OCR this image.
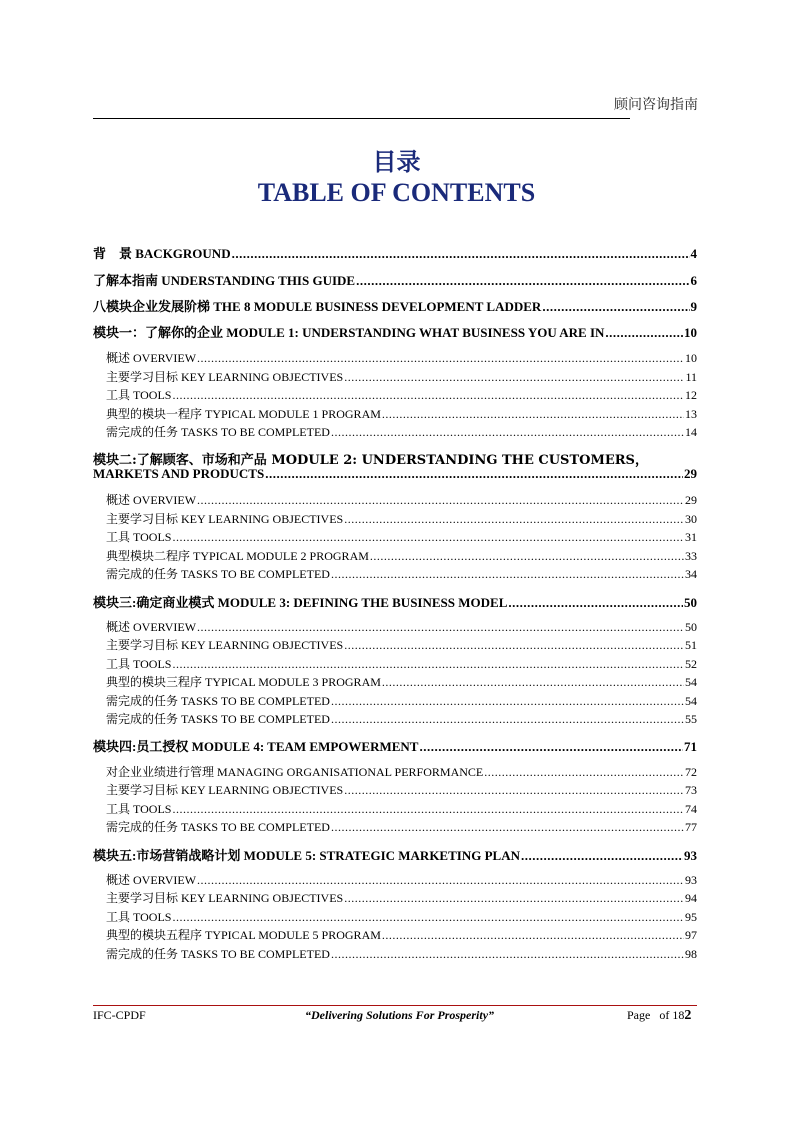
顾问咨询指南
目录
TABLE OF CONTENTS
背　景 BACKGROUND .....	4
了解本指南 UNDERSTANDING THIS GUIDE .....	6
八模块企业发展阶梯 THE 8 MODULE BUSINESS DEVELOPMENT LADDER .....	9
模块一：了解你的企业 MODULE 1: UNDERSTANDING WHAT BUSINESS YOU ARE IN .....	10
概述 OVERVIEW .....	10
主要学习目标 KEY LEARNING OBJECTIVES .....	11
工具 TOOLS .....	12
典型的模块一程序 TYPICAL MODULE 1 PROGRAM .....	13
需完成的任务 TASKS TO BE COMPLETED .....	14
模块二:了解顾客、市场和产品 MODULE 2: UNDERSTANDING THE CUSTOMERS，
MARKETS AND PRODUCTS .....	29
概述 OVERVIEW .....	29
主要学习目标 KEY LEARNING OBJECTIVES .....	30
工具 TOOLS .....	31
典型模块二程序 TYPICAL MODULE 2 PROGRAM .....	33
需完成的任务 TASKS TO BE COMPLETED .....	34
模块三:确定商业模式 MODULE 3: DEFINING THE BUSINESS MODEL .....	50
概述 OVERVIEW .....	50
主要学习目标 KEY LEARNING OBJECTIVES .....	51
工具 TOOLS .....	52
典型的模块三程序 TYPICAL MODULE 3 PROGRAM .....	54
需完成的任务 TASKS TO BE COMPLETED .....	54
需完成的任务 TASKS TO BE COMPLETED .....	55
模块四:员工授权 MODULE 4: TEAM EMPOWERMENT .....	71
对企业业绩进行管理 MANAGING ORGANISATIONAL PERFORMANCE .....	72
主要学习目标 KEY LEARNING OBJECTIVES .....	73
工具 TOOLS .....	74
需完成的任务 TASKS TO BE COMPLETED .....	77
模块五:市场营销战略计划 MODULE 5: STRATEGIC MARKETING PLAN .....	93
概述 OVERVIEW .....	93
主要学习目标 KEY LEARNING OBJECTIVES .....	94
工具 TOOLS .....	95
典型的模块五程序 TYPICAL MODULE 5 PROGRAM .....	97
需完成的任务 TASKS TO BE COMPLETED .....	98
IFC-CPDF	“Delivering Solutions For Prosperity”	Page of 182
